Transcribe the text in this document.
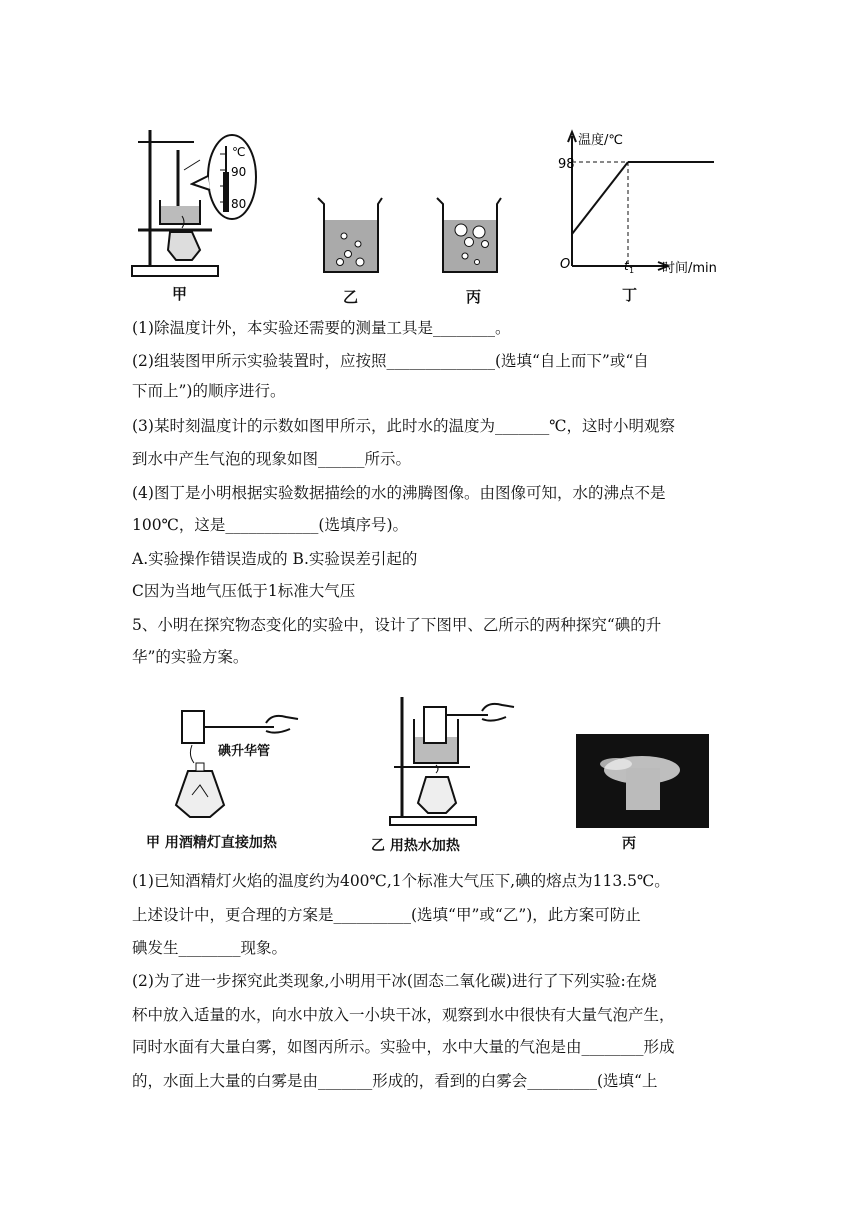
℃
90
80
甲	乙	丙
温度/℃
98
O	t 1 时间/min
丁
(1)除温度计外，本实验还需要的测量工具是________。
(2)组装图甲所示实验装置时，应按照______________(选填“自上而下”或“自
下而上”)的顺序进行。
(3)某时刻温度计的示数如图甲所示，此时水的温度为_______℃，这时小明观察
到水中产生气泡的现象如图______所示。
(4)图丁是小明根据实验数据描绘的水的沸腾图像。由图像可知，水的沸点不是
100℃，这是____________(选填序号)。
A.实验操作错误造成的 B.实验误差引起的
C因为当地气压低于1标准大气压
5、小明在探究物态变化的实验中，设计了下图甲、乙所示的两种探究“碘的升
华”的实验方案。
碘升华管
甲 用酒精灯直接加热	乙 用热水加热	丙
(1)已知酒精灯火焰的温度约为400℃,1个标准大气压下,碘的熔点为113.5℃。
上述设计中，更合理的方案是__________(选填“甲”或“乙”)，此方案可防止
碘发生________现象。
(2)为了进一步探究此类现象,小明用干冰(固态二氧化碳)进行了下列实验:在烧
杯中放入适量的水，向水中放入一小块干冰，观察到水中很快有大量气泡产生，
同时水面有大量白雾，如图丙所示。实验中，水中大量的气泡是由________形成
的，水面上大量的白雾是由_______形成的，看到的白雾会_________(选填“上
